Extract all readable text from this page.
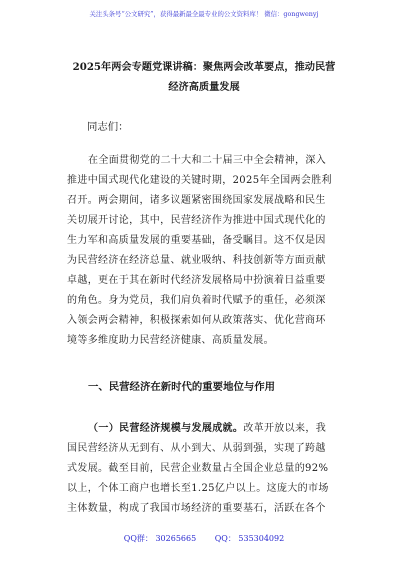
关注头条号“公文研究”，获得最新最全最专业的公文资料库！ 微信：gongwenyj
2025年两会专题党课讲稿：聚焦两会改革要点，推动民营
经济高质量发展
同志们：
在全面贯彻党的二十大和二十届三中全会精神，深入
推进中国式现代化建设的关键时期，2025年全国两会胜利
召开。两会期间，诸多议题紧密围绕国家发展战略和民生
关切展开讨论，其中，民营经济作为推进中国式现代化的
生力军和高质量发展的重要基础，备受瞩目。这不仅是因
为民营经济在经济总量、就业吸纳、科技创新等方面贡献
卓越，更在于其在新时代经济发展格局中扮演着日益重要
的角色。身为党员，我们肩负着时代赋予的重任，必须深
入领会两会精神，积极探索如何从政策落实、优化营商环
境等多维度助力民营经济健康、高质量发展。
一、民营经济在新时代的重要地位与作用
（一）民营经济规模与发展成就。改革开放以来，我
国民营经济从无到有、从小到大、从弱到强，实现了跨越
式发展。截至目前，民营企业数量占全国企业总量的92%
以上，个体工商户也增长至1.25亿户以上。这庞大的市场
主体数量，构成了我国市场经济的重要基石，活跃在各个
QQ群： 30265665 QQ： 535304092
